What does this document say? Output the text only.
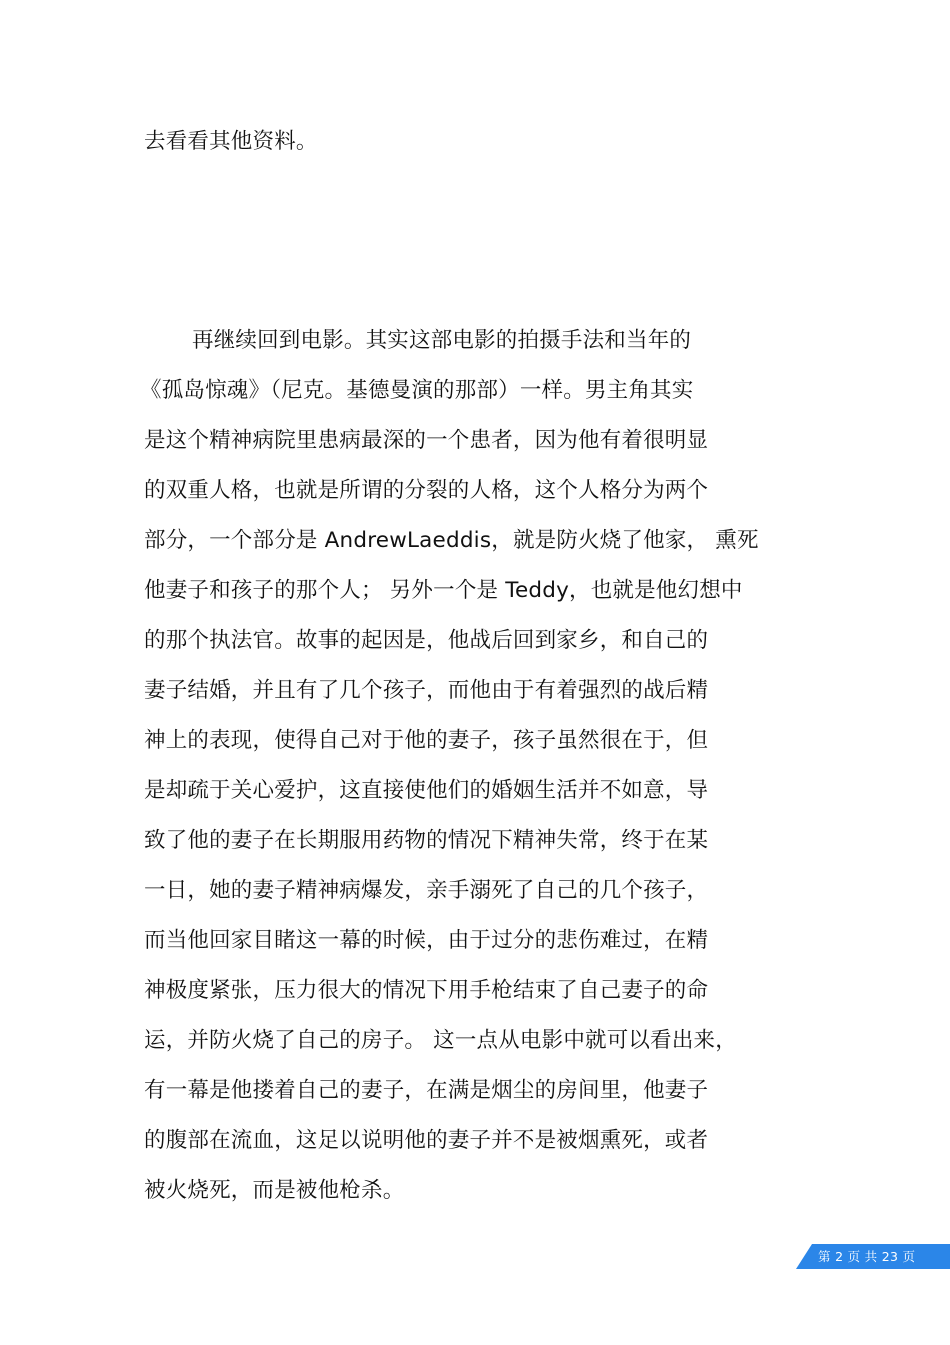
去看看其他资料。
再继续回到电影。其实这部电影的拍摄手法和当年的
《孤岛惊魂》（尼克。基德曼演的那部）一样。男主角其实
是这个精神病院里患病最深的一个患者，因为他有着很明显
的双重人格，也就是所谓的分裂的人格，这个人格分为两个
部分，一个部分是 AndrewLaeddis，就是防火烧了他家， 熏死
他妻子和孩子的那个人； 另外一个是 Teddy，也就是他幻想中
的那个执法官。故事的起因是，他战后回到家乡，和自己的
妻子结婚，并且有了几个孩子，而他由于有着强烈的战后精
神上的表现，使得自己对于他的妻子，孩子虽然很在于，但
是却疏于关心爱护，这直接使他们的婚姻生活并不如意，导
致了他的妻子在长期服用药物的情况下精神失常，终于在某
一日，她的妻子精神病爆发，亲手溺死了自己的几个孩子，
而当他回家目睹这一幕的时候，由于过分的悲伤难过，在精
神极度紧张，压力很大的情况下用手枪结束了自己妻子的命
运，并防火烧了自己的房子。 这一点从电影中就可以看出来，
有一幕是他搂着自己的妻子，在满是烟尘的房间里，他妻子
的腹部在流血，这足以说明他的妻子并不是被烟熏死，或者
被火烧死，而是被他枪杀。
第 2 页 共 23 页
